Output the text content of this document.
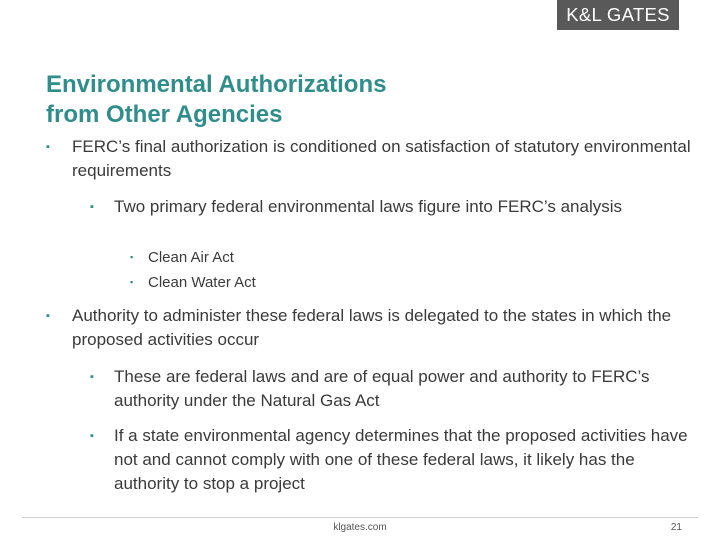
K&L GATES
Environmental Authorizations
from Other Agencies
▪	FERC’s final authorization is conditioned on satisfaction of statutory environmental requirements
▪	Two primary federal environmental laws figure into FERC’s analysis
▪ Clean Air Act
▪ Clean Water Act
▪	Authority to administer these federal laws is delegated to the states in which the proposed activities occur
▪	These are federal laws and are of equal power and authority to FERC’s authority under the Natural Gas Act
▪	If a state environmental agency determines that the proposed activities have not and cannot comply with one of these federal laws, it likely has the authority to stop a project
klgates.com	21
